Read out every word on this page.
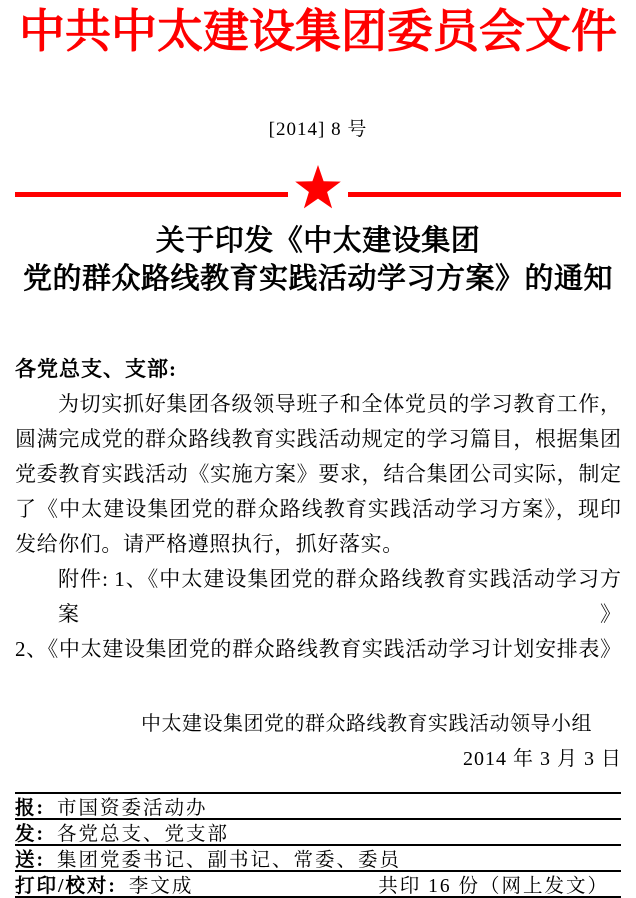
中共中太建设集团委员会文件
[2014] 8 号
关于印发《中太建设集团
党的群众路线教育实践活动学习方案》的通知
各党总支、支部:
为切实抓好集团各级领导班子和全体党员的学习教育工作，
圆满完成党的群众路线教育实践活动规定的学习篇目，根据集团
党委教育实践活动《实施方案》要求，结合集团公司实际，制定
了《中太建设集团党的群众路线教育实践活动学习方案》，现印
发给你们。请严格遵照执行，抓好落实。
附件: 1、《中太建设集团党的群众路线教育实践活动学习方案》
2、《中太建设集团党的群众路线教育实践活动学习计划安排表》
中太建设集团党的群众路线教育实践活动领导小组
2014 年 3 月 3 日
报: 市国资委活动办
发: 各党总支、党支部
送: 集团党委书记、副书记、常委、委员
打印/校对: 李文成	共印 16 份（网上发文）
